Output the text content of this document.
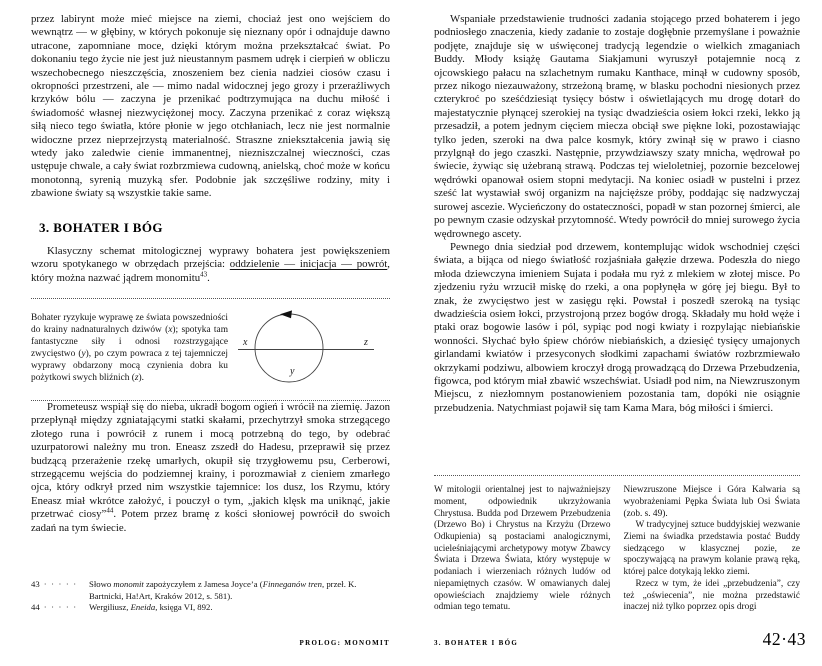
przez labirynt może mieć miejsce na ziemi, chociaż jest ono wejściem do wewnątrz — w głębiny, w których pokonuje się nieznany opór i odnajduje dawno utracone, zapomniane moce, dzięki którym można przekształcać świat. Po dokonaniu tego życie nie jest już nieustannym pasmem udręk i cierpień w obliczu wszechobecnego nieszczęścia, znoszeniem bez cienia nadziei ciosów czasu i okropności przestrzeni, ale — mimo nadal widocznej jego grozy i przeraźliwych krzyków bólu — zaczyna je przenikać podtrzymująca na duchu miłość i świadomość własnej niezwyciężonej mocy. Zaczyna przenikać z coraz większą siłą nieco tego światła, które płonie w jego otchłaniach, lecz nie jest normalnie widoczne przez nieprzejrzystą materialność. Straszne zniekształcenia jawią się wtedy jako zaledwie cienie immanentnej, niezniszczalnej wieczności, czas ustępuje chwale, a cały świat rozbrzmiewa cudowną, anielską, choć może w końcu monotonną, syrenią muzyką sfer. Podobnie jak szczęśliwe rodziny, mity i zbawione światy są wszystkie takie same.

3. BOHATER I BÓG

Klasyczny schemat mitologicznej wyprawy bohatera jest powiększeniem wzoru spotykanego w obrzędach przejścia: oddzielenie — inicjacja — powrót, który można nazwać jądrem monomitu$^{43}$.

Bohater ryzykuje wyprawę ze świata powszedniości do krainy nadnaturalnych dziwów (x); spotyka tam fantastyczne siły i odnosi rozstrzygające zwycięstwo (y), po czym powraca z tej tajemniczej wyprawy obdarzony mocą czynienia dobra ku pożytkowi swych bliźnich (z).

x	z
y

Prometeusz wspiął się do nieba, ukradł bogom ogień i wrócił na ziemię. Jazon przepłynął między zgniatającymi statki skałami, przechytrzył smoka strzegącego złotego runa i powrócił z runem i mocą potrzebną do tego, by odebrać uzurpatorowi należny mu tron. Eneasz zszedł do Hadesu, przeprawił się przez budzącą przerażenie rzekę umarłych, okupił się trzygłowemu psu, Cerberowi, strzegącemu wejścia do podziemnej krainy, i porozmawiał z cieniem zmarłego ojca, który odkrył przed nim wszystkie tajemnice: los dusz, los Rzymu, który Eneasz miał wkrótce założyć, i pouczył o tym, „jakich klęsk ma uniknąć, jakie przetrwać ciosy”$^{44}$. Potem przez bramę z kości słoniowej powrócił do swoich zadań na tym świecie.

43 ····· Słowo monomit zapożyczyłem z Jamesa Joyce’a (Finneganów tren, przeł. K. Bartnicki, Ha!Art, Kraków 2012, s. 581).
44 ····· Wergiliusz, Eneida, księga VI, 892.

Wspaniałe przedstawienie trudności zadania stojącego przed bohaterem i jego podniosłego znaczenia, kiedy zadanie to zostaje dogłębnie przemyślane i poważnie podjęte, znajduje się w uświęconej tradycją legendzie o wielkich zmaganiach Buddy. Młody książę Gautama Siakjamuni wyruszył potajemnie nocą z ojcowskiego pałacu na szlachetnym rumaku Kanthace, minął w cudowny sposób, przez nikogo niezauważony, strzeżoną bramę, w blasku pochodni niesionych przez czterykroć po sześćdziesiąt tysięcy bóstw i oświetlających mu drogę dotarł do majestatycznie płynącej szerokiej na tysiąc dwadzieścia osiem łokci rzeki, lekko ją przesadził, a potem jednym cięciem miecza obciął swe piękne loki, pozostawiając tylko jeden, szeroki na dwa palce kosmyk, który zwinął się w prawo i ciasno przylgnął do jego czaszki. Następnie, przywdziawszy szaty mnicha, wędrował po świecie, żywiąc się użebraną strawą. Podczas tej wieloletniej, pozornie bezcelowej wędrówki opanował osiem stopni medytacji. Na koniec osiadł w pustelni i przez sześć lat wystawiał swój organizm na najcięższe próby, poddając się nadzwyczaj surowej ascezie. Wycieńczony do ostateczności, popadł w stan pozornej śmierci, ale po pewnym czasie odzyskał przytomność. Wtedy powrócił do mniej surowego życia wędrownego ascety.

Pewnego dnia siedział pod drzewem, kontemplując widok wschodniej części świata, a bijąca od niego światłość rozjaśniała gałęzie drzewa. Podeszła do niego młoda dziewczyna imieniem Sujata i podała mu ryż z mlekiem w złotej misce. Po zjedzeniu ryżu wrzucił miskę do rzeki, a ona popłynęła w górę jej biegu. Był to znak, że zwycięstwo jest w zasięgu ręki. Powstał i poszedł szeroką na tysiąc dwadzieścia osiem łokci, przystrojoną przez bogów drogą. Składały mu hołd węże i ptaki oraz bogowie lasów i pól, sypiąc pod nogi kwiaty i rozpylając niebiańskie wonności. Słychać było śpiew chórów niebiańskich, a dziesięć tysięcy umajonych girlandami kwiatów i przesyconych słodkimi zapachami światów rozbrzmiewało okrzykami podziwu, albowiem kroczył drogą prowadzącą do Drzewa Przebudzenia, figowca, pod którym miał zbawić wszechświat. Usiadł pod nim, na Niewzruszonym Miejscu, z niezłomnym postanowieniem pozostania tam, dopóki nie osiągnie przebudzenia. Natychmiast pojawił się tam Kama Mara, bóg miłości i śmierci.

W mitologii orientalnej jest to najważniejszy moment, odpowiednik ukrzyżowania Chrystusa. Budda pod Drzewem Przebudzenia (Drzewo Bo) i Chrystus na Krzyżu (Drzewo Odkupienia) są postaciami analogicznymi, ucieleśniającymi archetypowy motyw Zbawcy Świata i Drzewa Świata, który występuje w podaniach i wierzeniach różnych ludów od niepamiętnych czasów. W omawianych dalej opowieściach znajdziemy wiele różnych odmian tego tematu.

Niewzruszone Miejsce i Góra Kalwaria są wyobrażeniami Pępka Świata lub Osi Świata (zob. s. 49).

W tradycyjnej sztuce buddyjskiej wezwanie Ziemi na świadka przedstawia postać Buddy siedzącego w klasycznej pozie, ze spoczywającą na prawym kolanie prawą ręką, której palce dotykają lekko ziemi.

Rzecz w tym, że idei „przebudzenia”, czy też „oświecenia”, nie można przedstawić inaczej niż tylko poprzez opis drogi

PROLOG: MONOMIT	3. BOHATER I BÓG	42·43
